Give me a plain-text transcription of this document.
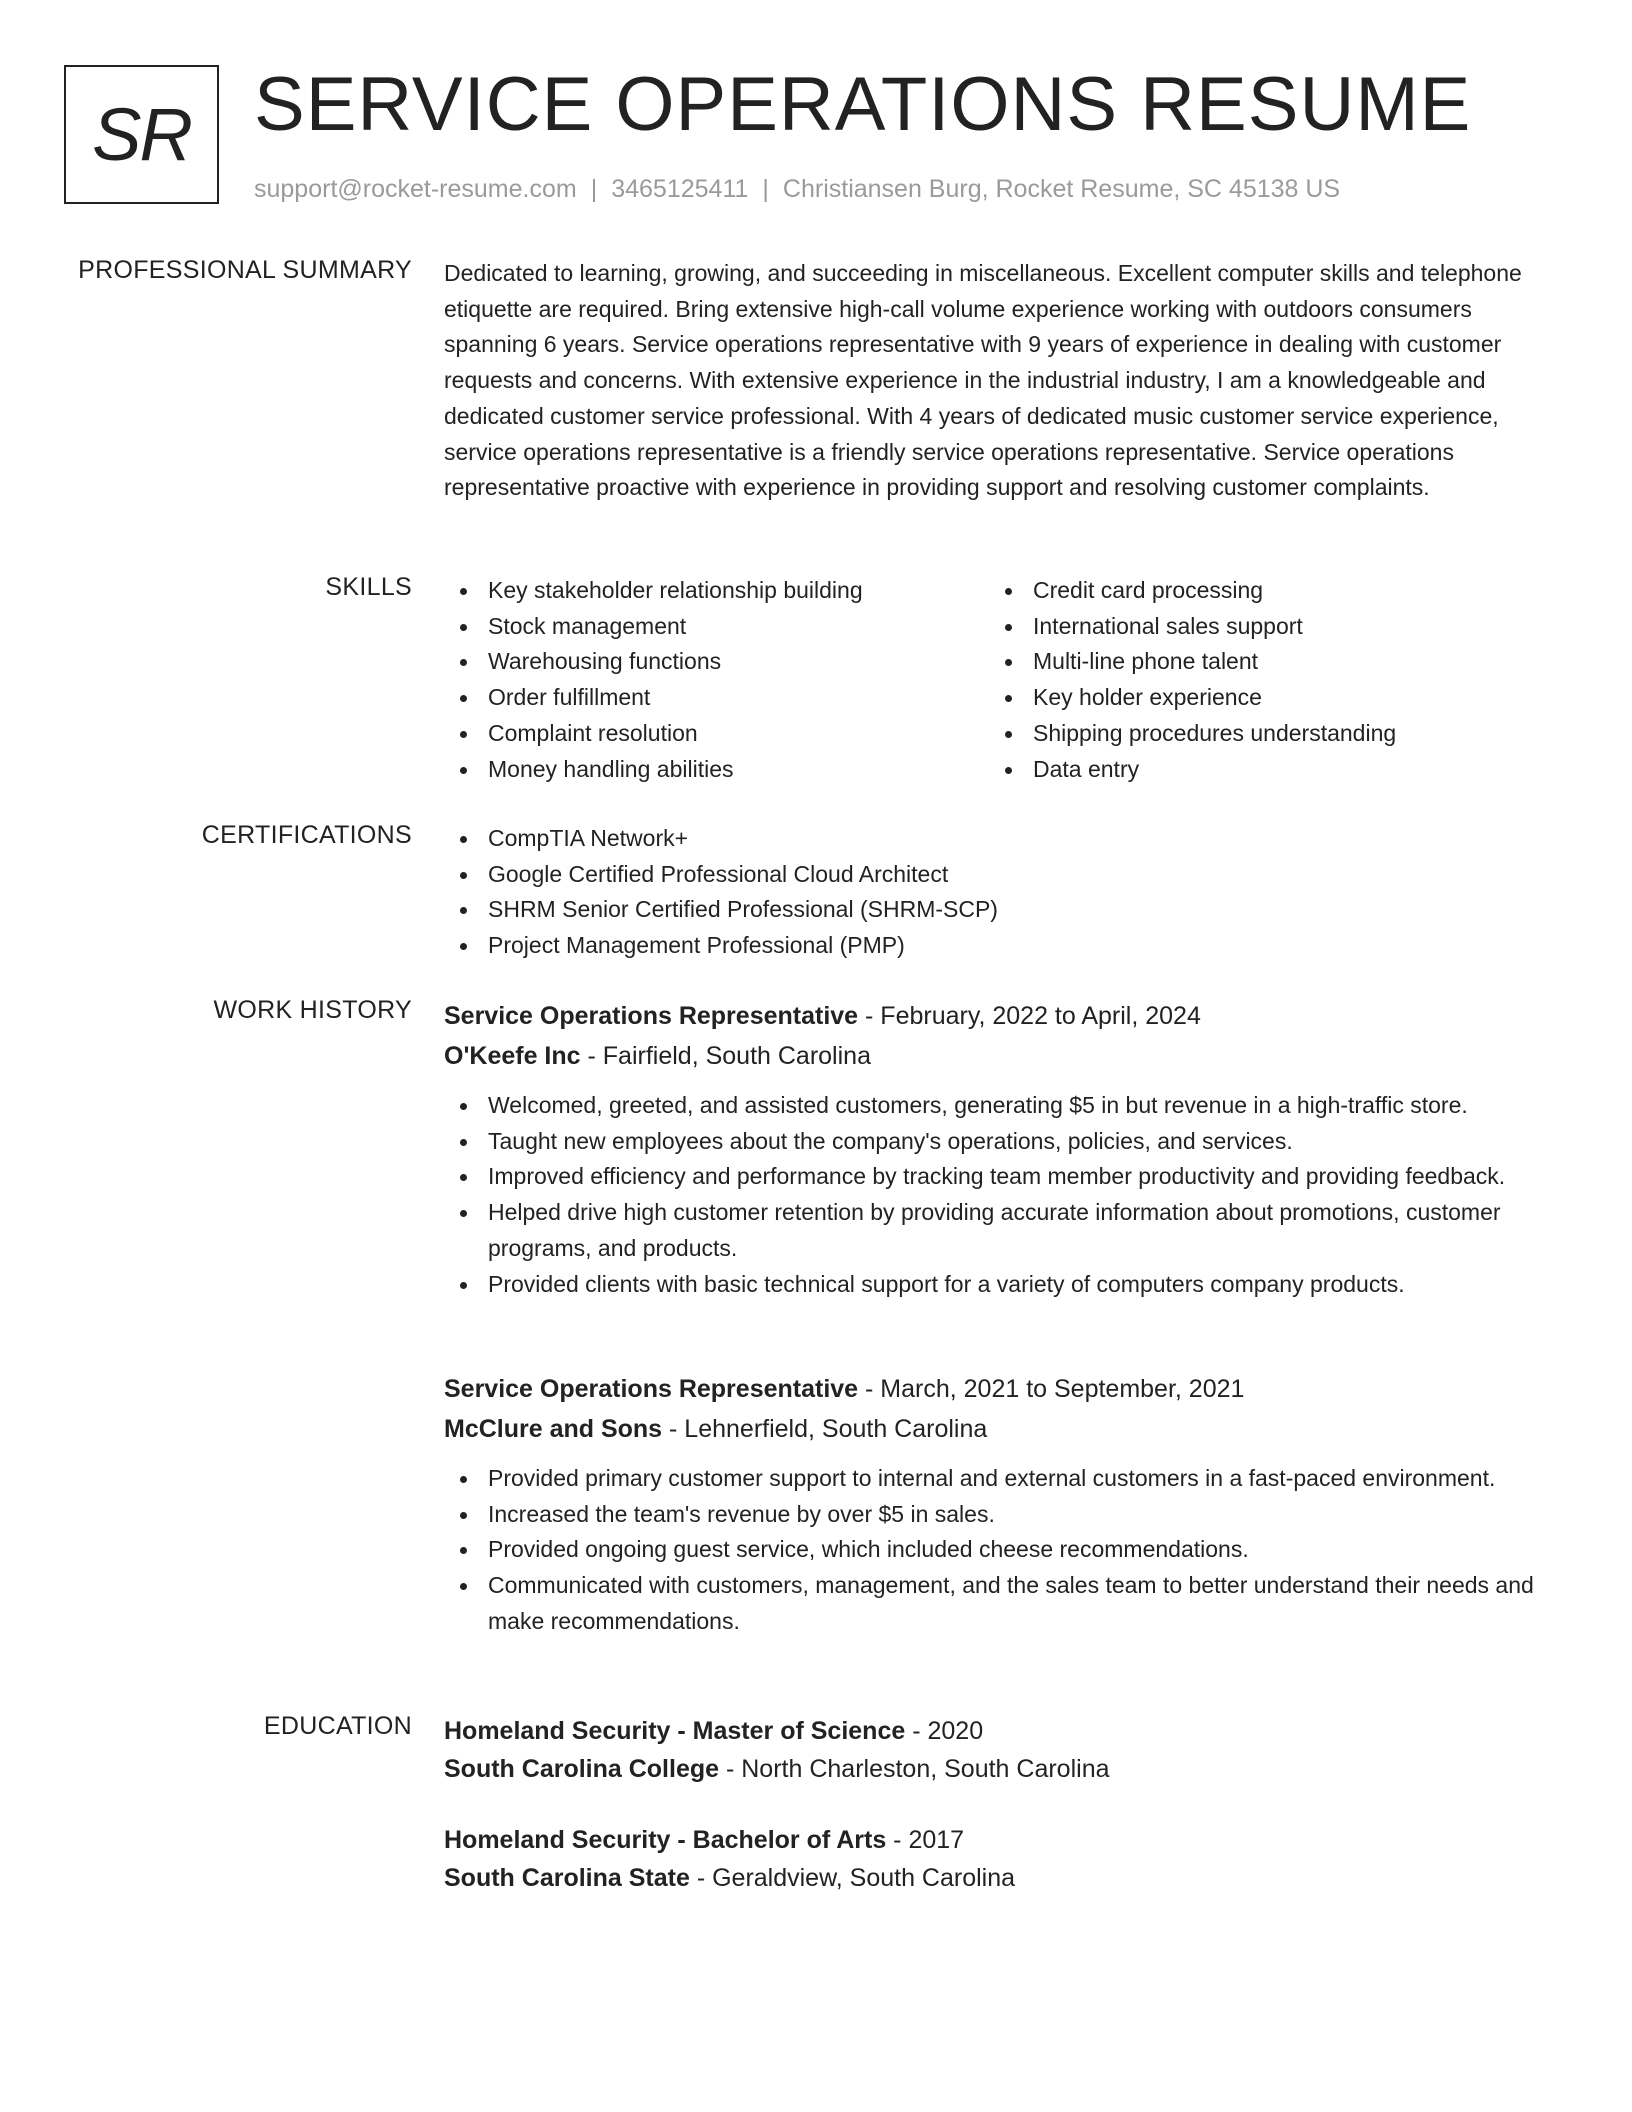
SR SERVICE OPERATIONS RESUME
support@rocket-resume.com | 3465125411 | Christiansen Burg, Rocket Resume, SC 45138 US
PROFESSIONAL SUMMARY Dedicated to learning, growing, and succeeding in miscellaneous. Excellent computer skills and telephone etiquette are required. Bring extensive high-call volume experience working with outdoors consumers spanning 6 years. Service operations representative with 9 years of experience in dealing with customer requests and concerns. With extensive experience in the industrial industry, I am a knowledgeable and dedicated customer service professional. With 4 years of dedicated music customer service experience, service operations representative is a friendly service operations representative. Service operations representative proactive with experience in providing support and resolving customer complaints.

SKILLS	Key stakeholder relationship building
Stock management
Warehousing functions
Order fulfillment
Complaint resolution
Money handling abilities
Credit card processing
International sales support
Multi-line phone talent
Key holder experience
Shipping procedures understanding
Data entry
CERTIFICATIONS	CompTIA Network+
Google Certified Professional Cloud Architect
SHRM Senior Certified Professional (SHRM-SCP)
Project Management Professional (PMP)
WORK HISTORY Service Operations Representative - February, 2022 to April, 2024
O'Keefe Inc - Fairfield, South Carolina
Welcomed, greeted, and assisted customers, generating $5 in but revenue in a high-traffic store.
Taught new employees about the company's operations, policies, and services.
Improved efficiency and performance by tracking team member productivity and providing feedback.
Helped drive high customer retention by providing accurate information about promotions, customer programs, and products.
Provided clients with basic technical support for a variety of computers company products.
Service Operations Representative - March, 2021 to September, 2021
McClure and Sons - Lehnerfield, South Carolina
Provided primary customer support to internal and external customers in a fast-paced environment.
Increased the team's revenue by over $5 in sales.
Provided ongoing guest service, which included cheese recommendations.
Communicated with customers, management, and the sales team to better understand their needs and make recommendations.
EDUCATION Homeland Security - Master of Science - 2020
South Carolina College - North Charleston, South Carolina
Homeland Security - Bachelor of Arts - 2017
South Carolina State - Geraldview, South Carolina
